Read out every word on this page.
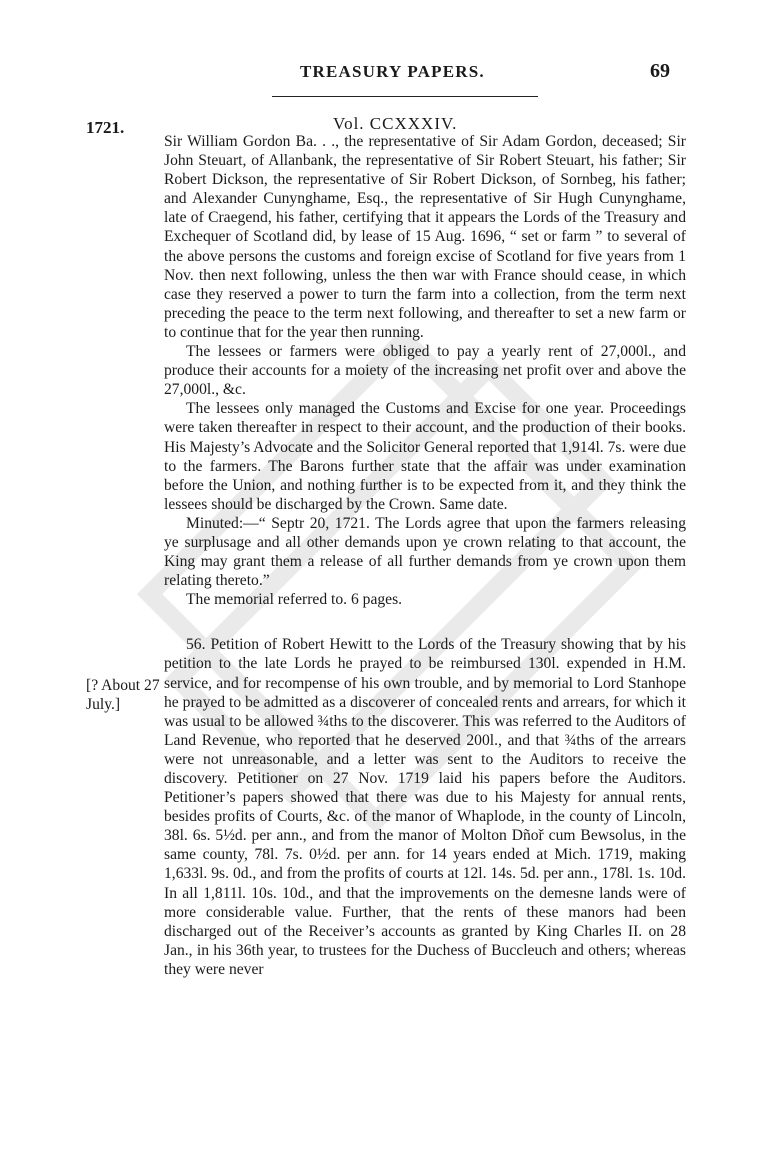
TREASURY PAPERS.	69
1721.	Vol. CCXXXIV.
[? About 27 July.]

Sir William Gordon Ba. . ., the representative of Sir Adam Gordon, deceased; Sir John Steuart, of Allanbank, the representative of Sir Robert Steuart, his father; Sir Robert Dickson, the representative of Sir Robert Dickson, of Sornbeg, his father; and Alexander Cunynghame, Esq., the representative of Sir Hugh Cunynghame, late of Craegend, his father, certifying that it appears the Lords of the Treasury and Exchequer of Scotland did, by lease of 15 Aug. 1696, “ set or farm ” to several of the above persons the customs and foreign excise of Scotland for five years from 1 Nov. then next following, unless the then war with France should cease, in which case they reserved a power to turn the farm into a collection, from the term next preceding the peace to the term next following, and thereafter to set a new farm or to continue that for the year then running.

The lessees or farmers were obliged to pay a yearly rent of 27,000l., and produce their accounts for a moiety of the increasing net profit over and above the 27,000l., &c.

The lessees only managed the Customs and Excise for one year. Proceedings were taken thereafter in respect to their account, and the production of their books. His Majesty’s Advocate and the Solicitor General reported that 1,914l. 7s. were due to the farmers. The Barons further state that the affair was under examination before the Union, and nothing further is to be expected from it, and they think the lessees should be discharged by the Crown. Same date.

Minuted:—“ Septr 20, 1721. The Lords agree that upon the farmers releasing ye surplusage and all other demands upon ye crown relating to that account, the King may grant them a release of all further demands from ye crown upon them relating thereto.”

The memorial referred to. 6 pages.

56. Petition of Robert Hewitt to the Lords of the Treasury showing that by his petition to the late Lords he prayed to be reimbursed 130l. expended in H.M. service, and for recompense of his own trouble, and by memorial to Lord Stanhope he prayed to be admitted as a discoverer of concealed rents and arrears, for which it was usual to be allowed ¾ths to the discoverer. This was referred to the Auditors of Land Revenue, who reported that he deserved 200l., and that ¾ths of the arrears were not unreasonable, and a letter was sent to the Auditors to receive the discovery. Petitioner on 27 Nov. 1719 laid his papers before the Auditors. Petitioner’s papers showed that there was due to his Majesty for annual rents, besides profits of Courts, &c. of the manor of Whaplode, in the county of Lincoln, 38l. 6s. 5½d. per ann., and from the manor of Molton Dñoř cum Bewsolus, in the same county, 78l. 7s. 0½d. per ann. for 14 years ended at Mich. 1719, making 1,633l. 9s. 0d., and from the profits of courts at 12l. 14s. 5d. per ann., 178l. 1s. 10d. In all 1,811l. 10s. 10d., and that the improvements on the demesne lands were of more considerable value. Further, that the rents of these manors had been discharged out of the Receiver’s accounts as granted by King Charles II. on 28 Jan., in his 36th year, to trustees for the Duchess of Buccleuch and others; whereas they were never
